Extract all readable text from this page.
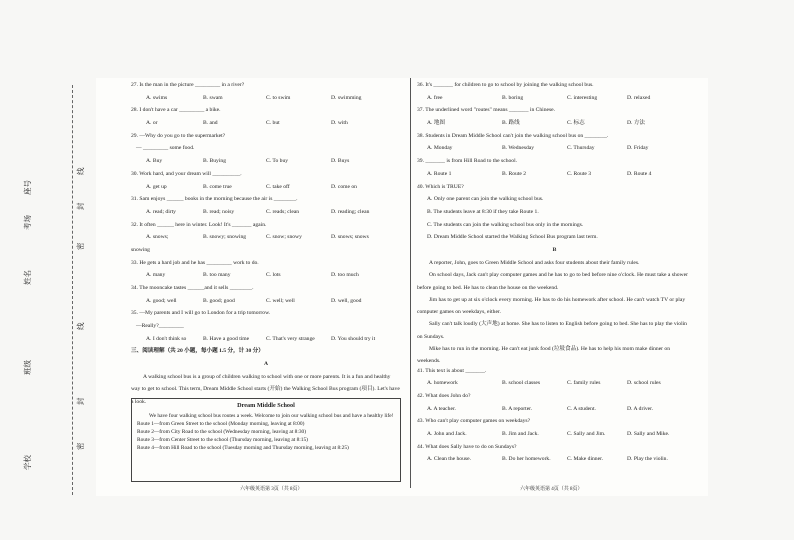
学校
班级
姓名
考场
座号
密
封
线
密
封
线
27. Is the man in the picture _________ in a river?
A. swims	B. swam	C. to swim	D. swimming
28. I don't have a car _________ a bike.
A. or	B. and	C. but	D. with
29. —Why do you go to the supermarket?
— _________ some food.
A. Buy	B. Buying	C. To buy	D. Buys
30. Work hard, and your dream will __________.
A. get up	B. come true	C. take off	D. come on
31. Sam enjoys ______ books in the morning because the air is ________.
A. read; dirty	B. read; noisy	C. reads; clean	D. reading; clean
32. It often ______ here in winter. Look! It's _______ again.
A. snows;	B. snowy; snowing	C. snow; snowy	D. snows; snows
snowing
33. He gets a hard job and he has _________ work to do.
A. many	B. too many	C. lots	D. too much
34. The mooncake tastes ______and it sells ________.
A. good; well	B. good; good	C. well; well	D. well, good
35. —My parents and I will go to London for a trip tomorrow.
—Really?_________
A. I don't think so	B. Have a good time	C. That's very strange	D. You should try it
三、阅读理解（共 20 小题，每小题 1.5 分，计 30 分）
A
A walking school bus is a group of children walking to school with one or more parents. It is a fun and healthy way to get to school. This term, Dream Middle School starts (开始) the Walking School Bus program (项目). Let's have a look.
Dream Middle School
We have four walking school bus routes a week. Welcome to join our walking school bus and have a healthy life!
Route 1—from Green Street to the school (Monday morning, leaving at 8:00)
Route 2—from City Road to the school (Wednesday morning, leaving at 8:30)
Route 3—from Center Street to the school (Thursday morning, leaving at 8:15)
Route 4—from Hill Road to the school (Tuesday morning and Thursday morning, leaving at 8:25)
六年级英语第 3页（共 8页）
36. It's _______ for children to go to school by joining the walking school bus.
A. free	B. boring	C. interesting	D. relaxed
37. The underlined word "routes" means _______ in Chinese.
A. 地图	B. 路线	C. 标志	D. 方法
38. Students in Dream Middle School can't join the walking school bus on ________.
A. Monday	B. Wednesday	C. Thursday	D. Friday
39. _______ is from Hill Road to the school.
A. Route 1	B. Route 2	C. Route 3	D. Route 4
40. Which is TRUE?
A. Only one parent can join the walking school bus.
B. The students leave at 8:30 if they take Route 1.
C. The students can join the walking school bus only in the mornings.
D. Dream Middle School started the Walking School Bus program last term.
B
A reporter, John, goes to Green Middle School and asks four students about their family rules.
On school days, Jack can't play computer games and he has to go to bed before nine o'clock. He must take a shower before going to bed. He has to clean the house on the weekend.
Jim has to get up at six o'clock every morning. He has to do his homework after school. He can't watch TV or play computer games on weekdays, either.
Sally can't talk loudly (大声地) at home. She has to listen to English before going to bed. She has to play the violin on Sundays.
Mike has to run in the morning. He can't eat junk food (垃圾食品). He has to help his mom make dinner on weekends.
41. This text is about _______.
A. homework	B. school classes	C. family rules	D. school rules
42. What does John do?
A. A teacher.	B. A reporter.	C. A student.	D. A driver.
43. Who can't play computer games on weekdays?
A. John and Jack.	B. Jim and Jack.	C. Sally and Jim.	D. Sally and Mike.
44. What does Sally have to do on Sundays?
A. Clean the house.	B. Do her homework.	C. Make dinner.	D. Play the violin.
六年级英语第 4页（共 8页）
